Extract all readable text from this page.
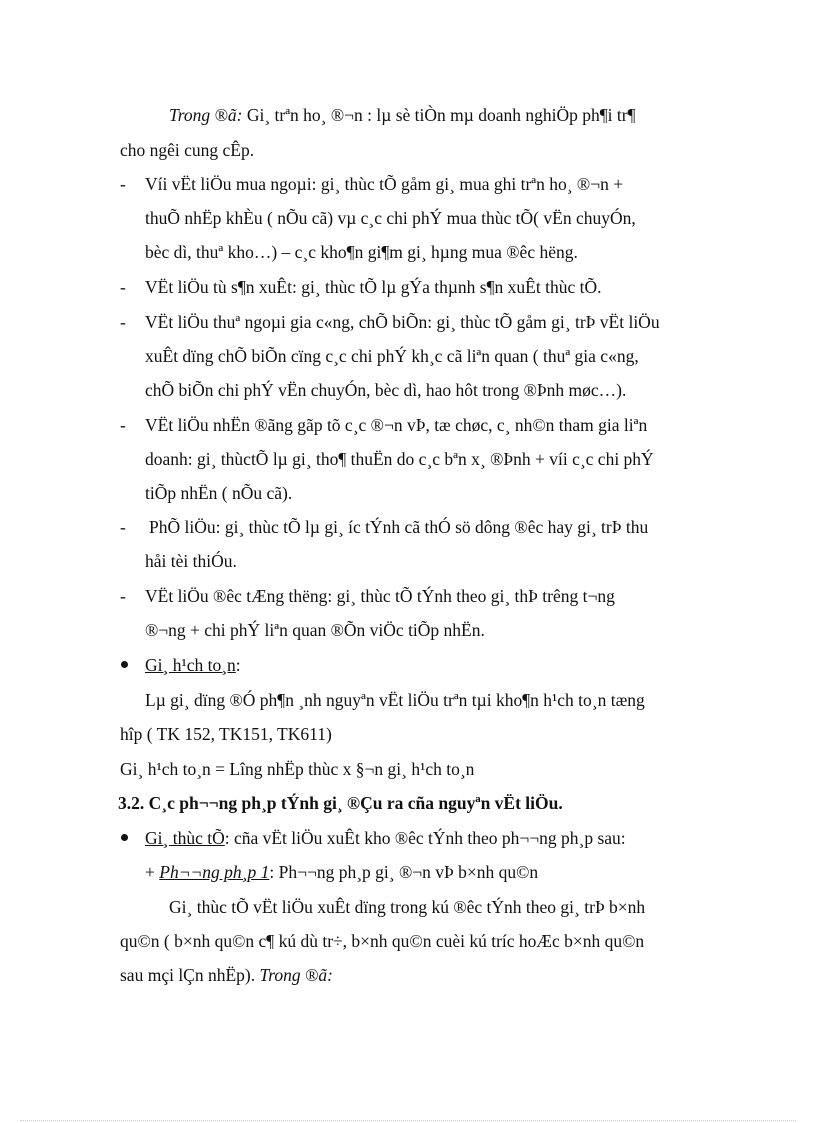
Trong ®ã: Gi¸ trªn ho¸ ®¬n : lµ sè tiÒn mµ doanh nghiÖp ph¶i tr¶
cho ngêi cung cÊp.
- Víi vËt liÖu mua ngoµi: gi¸ thùc tÕ gåm gi¸ mua ghi trªn ho¸ ®¬n +
thuÕ nhËp khÈu ( nÕu cã) vµ c¸c chi phÝ mua thùc tÕ( vËn chuyÓn,
bèc dì, thuª kho…) – c¸c kho¶n gi¶m gi¸ hµng mua ®êc hëng.
- VËt liÖu tù s¶n xuÊt: gi¸ thùc tÕ lµ gÝa thµnh s¶n xuÊt thùc tÕ.
- VËt liÖu thuª ngoµi gia c«ng, chÕ biÕn: gi¸ thùc tÕ gåm gi¸ trÞ vËt liÖu
xuÊt dïng chÕ biÕn cïng c¸c chi phÝ kh¸c cã liªn quan ( thuª gia c«ng,
chÕ biÕn chi phÝ vËn chuyÓn, bèc dì, hao hôt trong ®Þnh møc…).
- VËt liÖu nhËn ®ãng gãp tõ c¸c ®¬n vÞ, tæ chøc, c¸ nh©n tham gia liªn
doanh: gi¸ thùctÕ lµ gi¸ tho¶ thuËn do c¸c bªn x¸ ®Þnh + víi c¸c chi phÝ
tiÕp nhËn ( nÕu cã).
- PhÕ liÖu: gi¸ thùc tÕ lµ gi¸ íc tÝnh cã thÓ sö dông ®êc hay gi¸ trÞ thu
håi tèi thiÓu.
- VËt liÖu ®êc tÆng thëng: gi¸ thùc tÕ tÝnh theo gi¸ thÞ trêng t¬ng
®¬ng + chi phÝ liªn quan ®Õn viÖc tiÕp nhËn.
Gi¸ h¹ch to¸n:
Lµ gi¸ dïng ®Ó ph¶n ¸nh nguyªn vËt liÖu trªn tµi kho¶n h¹ch to¸n tæng
hîp ( TK 152, TK151, TK611)
Gi¸ h¹ch to¸n = Lîng nhËp thùc x §¬n gi¸ h¹ch to¸n
3.2. C¸c ph¬¬ng ph¸p tÝnh gi¸ ®Çu ra cña nguyªn vËt liÖu.
Gi¸ thùc tÕ: cña vËt liÖu xuÊt kho ®êc tÝnh theo ph¬¬ng ph¸p sau:
+ Ph¬¬ng ph¸p 1: Ph¬¬ng ph¸p gi¸ ®¬n vÞ b×nh qu©n
Gi¸ thùc tÕ vËt liÖu xuÊt dïng trong kú ®êc tÝnh theo gi¸ trÞ b×nh
qu©n ( b×nh qu©n c¶ kú dù tr÷, b×nh qu©n cuèi kú tríc hoÆc b×nh qu©n
sau mçi lÇn nhËp). Trong ®ã:
